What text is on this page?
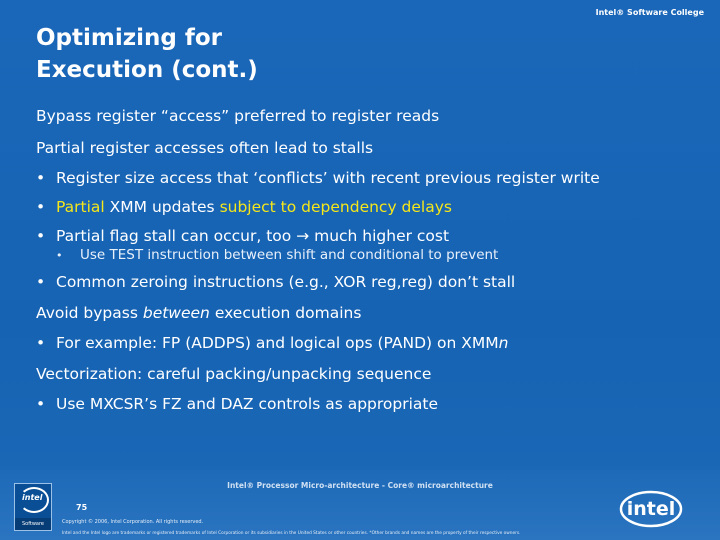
Intel® Software College
Optimizing for
Execution (cont.)
Bypass register “access” preferred to register reads
Partial register accesses often lead to stalls
• Register size access that ‘conflicts’ with recent previous register write
• Partial XMM updates subject to dependency delays
• Partial flag stall can occur, too → much higher cost
• Use TEST instruction between shift and conditional to prevent
• Common zeroing instructions (e.g., XOR reg,reg) don’t stall
Avoid bypass between execution domains
• For example: FP (ADDPS) and logical ops (PAND) on XMMn
Vectorization: careful packing/unpacking sequence
• Use MXCSR’s FZ and DAZ controls as appropriate
Intel® Processor Micro-architecture - Core® microarchitecture
intel
Software
75
Copyright © 2006, Intel Corporation. All rights reserved.
Intel and the Intel logo are trademarks or registered trademarks of Intel Corporation or its subsidiaries in the United States or other countries. *Other brands and names are the property of their respective owners.
intel
